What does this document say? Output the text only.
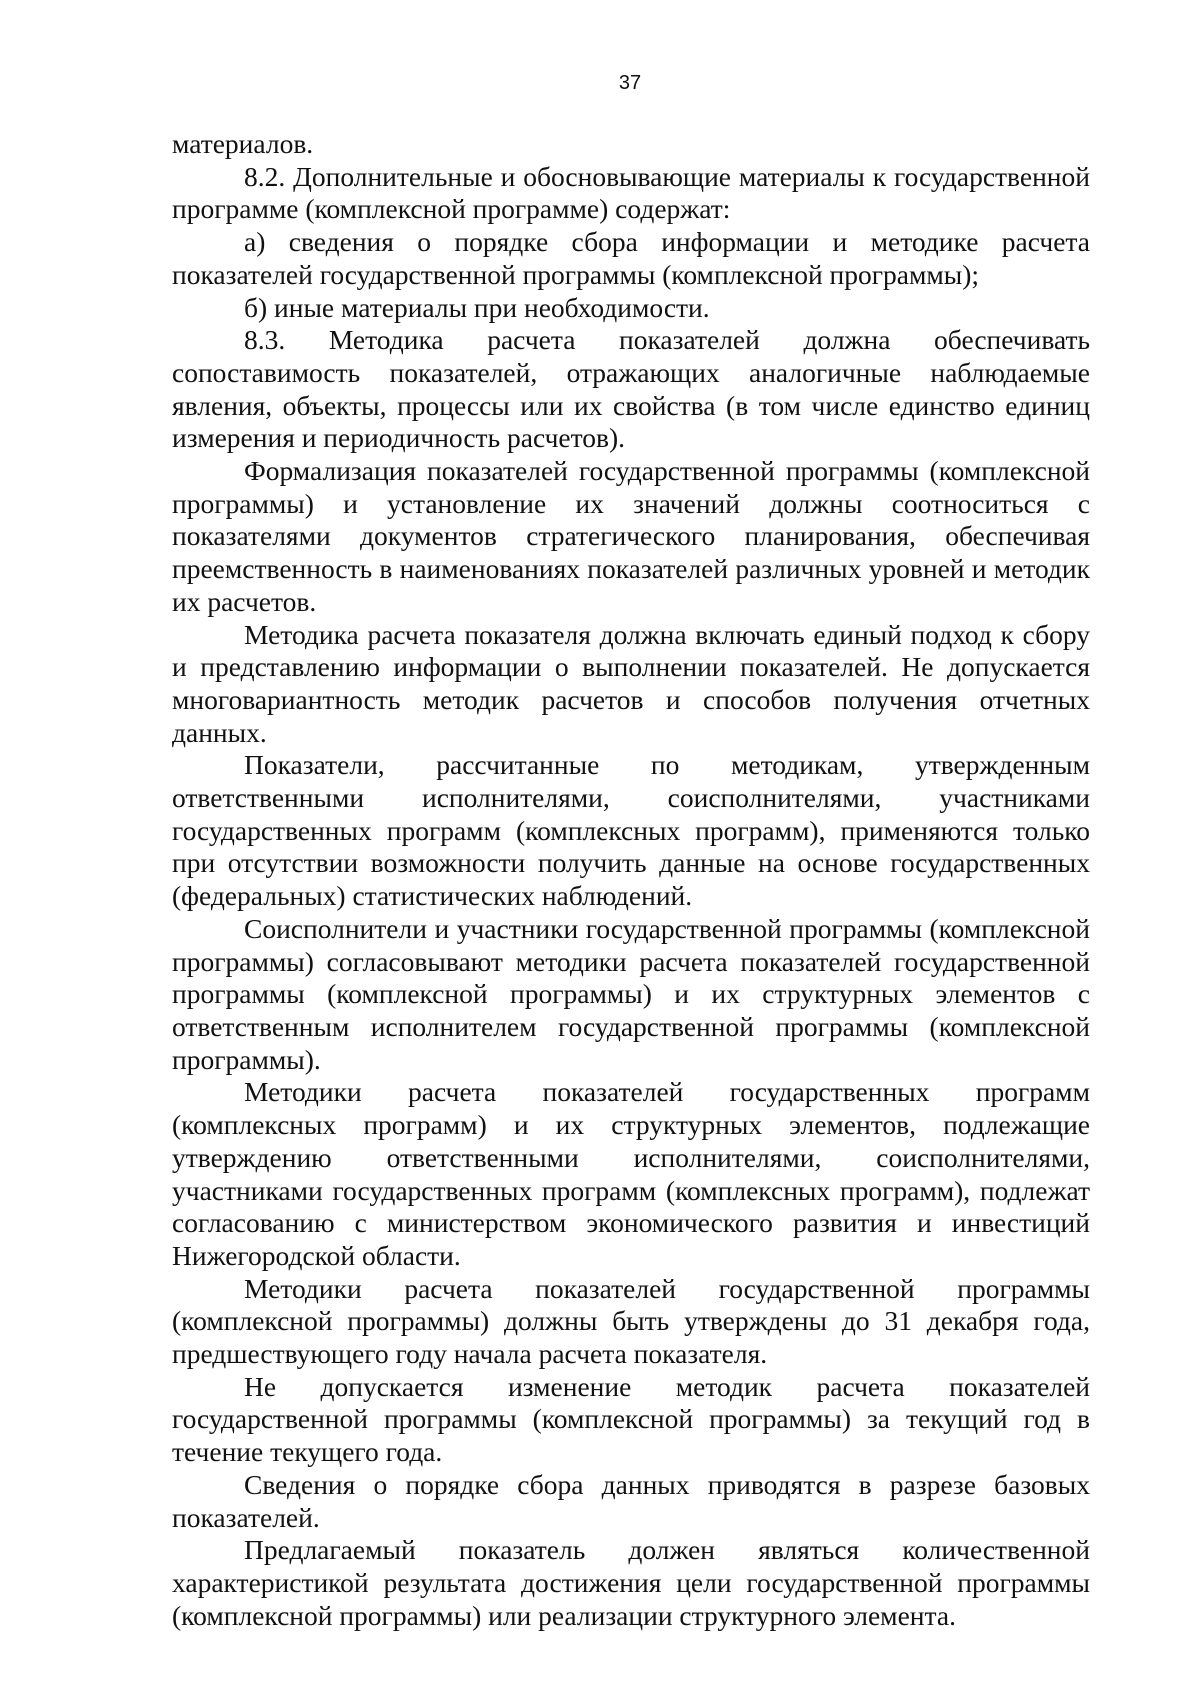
37

материалов.

8.2. Дополнительные и обосновывающие материалы к государственной программе (комплексной программе) содержат:

а) сведения о порядке сбора информации и методике расчета показателей государственной программы (комплексной программы);

б) иные материалы при необходимости.

8.3. Методика расчета показателей должна обеспечивать сопоставимость показателей, отражающих аналогичные наблюдаемые явления, объекты, процессы или их свойства (в том числе единство единиц измерения и периодичность расчетов).

Формализация показателей государственной программы (комплексной программы) и установление их значений должны соотноситься с показателями документов стратегического планирования, обеспечивая преемственность в наименованиях показателей различных уровней и методик их расчетов.

Методика расчета показателя должна включать единый подход к сбору и представлению информации о выполнении показателей. Не допускается многовариантность методик расчетов и способов получения отчетных данных.

Показатели, рассчитанные по методикам, утвержденным ответственными исполнителями, соисполнителями, участниками государственных программ (комплексных программ), применяются только при отсутствии возможности получить данные на основе государственных (федеральных) статистических наблюдений.

Соисполнители и участники государственной программы (комплексной программы) согласовывают методики расчета показателей государственной программы (комплексной программы) и их структурных элементов с ответственным исполнителем государственной программы (комплексной программы).

Методики расчета показателей государственных программ (комплексных программ) и их структурных элементов, подлежащие утверждению ответственными исполнителями, соисполнителями, участниками государственных программ (комплексных программ), подлежат согласованию с министерством экономического развития и инвестиций Нижегородской области.

Методики расчета показателей государственной программы (комплексной программы) должны быть утверждены до 31 декабря года, предшествующего году начала расчета показателя.

Не допускается изменение методик расчета показателей государственной программы (комплексной программы) за текущий год в течение текущего года.

Сведения о порядке сбора данных приводятся в разрезе базовых показателей.

Предлагаемый показатель должен являться количественной характеристикой результата достижения цели государственной программы (комплексной программы) или реализации структурного элемента.
